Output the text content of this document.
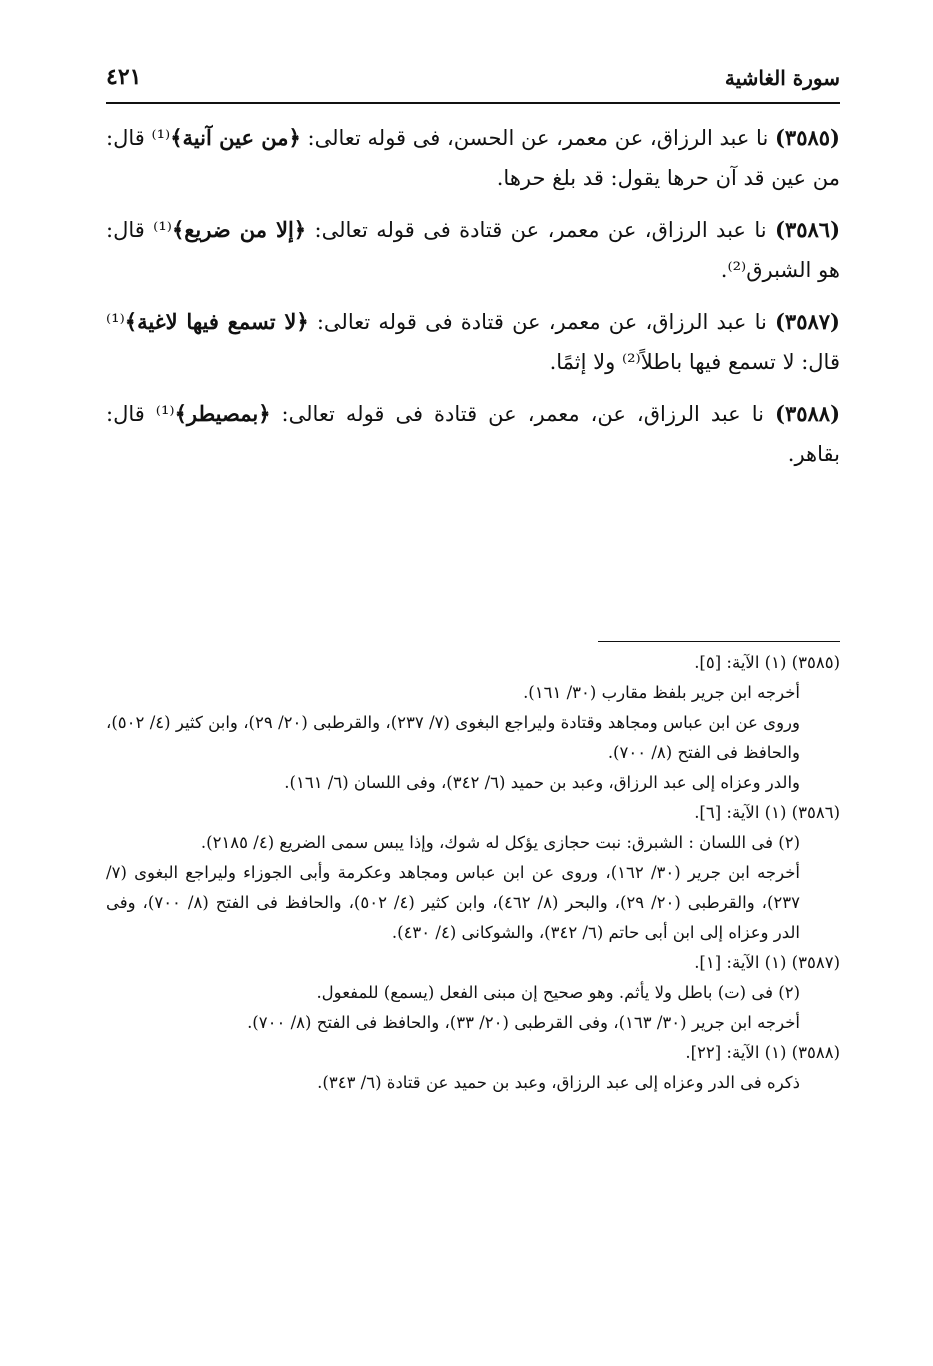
سورة الغاشية
٤٢١

(٣٥٨٥) نا عبد الرزاق، عن معمر، عن الحسن، فى قوله تعالى: ﴿من عين آنية﴾⁽¹⁾ قال: من عين قد آن حرها يقول: قد بلغ حرها.

(٣٥٨٦) نا عبد الرزاق، عن معمر، عن قتادة فى قوله تعالى: ﴿إلا من ضريع﴾⁽¹⁾ قال: هو الشبرق⁽²⁾.

(٣٥٨٧) نا عبد الرزاق، عن معمر، عن قتادة فى قوله تعالى: ﴿لا تسمع فيها لاغية﴾⁽¹⁾ قال: لا تسمع فيها باطلاً⁽²⁾ ولا إثمًا.

(٣٥٨٨) نا عبد الرزاق، عن، معمر، عن قتادة فى قوله تعالى: ﴿بمصيطر﴾⁽¹⁾ قال: بقاهر.

(٣٥٨٥) (١) الآية: [٥].

أخرجه ابن جرير بلفظ مقارب (٣٠/ ١٦١).

وروى عن ابن عباس ومجاهد وقتادة وليراجع البغوى (٧/ ٢٣٧)، والقرطبى (٢٠/ ٢٩)، وابن كثير (٤/ ٥٠٢)، والحافظ فى الفتح (٨/ ٧٠٠).

والدر وعزاه إلى عبد الرزاق، وعبد بن حميد (٦/ ٣٤٢)، وفى اللسان (٦/ ١٦١).

(٣٥٨٦) (١) الآية: [٦].

(٢) فى اللسان : الشبرق: نبت حجازى يؤكل له شوك، وإذا يبس سمى الضريع (٤/ ٢١٨٥).

أخرجه ابن جرير (٣٠/ ١٦٢)، وروى عن ابن عباس ومجاهد وعكرمة وأبى الجوزاء وليراجع البغوى (٧/ ٢٣٧)، والقرطبى (٢٠/ ٢٩)، والبحر (٨/ ٤٦٢)، وابن كثير (٤/ ٥٠٢)، والحافظ فى الفتح (٨/ ٧٠٠)، وفى الدر وعزاه إلى ابن أبى حاتم (٦/ ٣٤٢)، والشوكانى (٤/ ٤٣٠).

(٣٥٨٧) (١) الآية: [١].

(٢) فى (ت) باطل ولا يأثم. وهو صحيح إن مبنى الفعل (يسمع) للمفعول.

أخرجه ابن جرير (٣٠/ ١٦٣)، وفى القرطبى (٢٠/ ٣٣)، والحافظ فى الفتح (٨/ ٧٠٠).

(٣٥٨٨) (١) الآية: [٢٢].

ذكره فى الدر وعزاه إلى عبد الرزاق، وعبد بن حميد عن قتادة (٦/ ٣٤٣).
